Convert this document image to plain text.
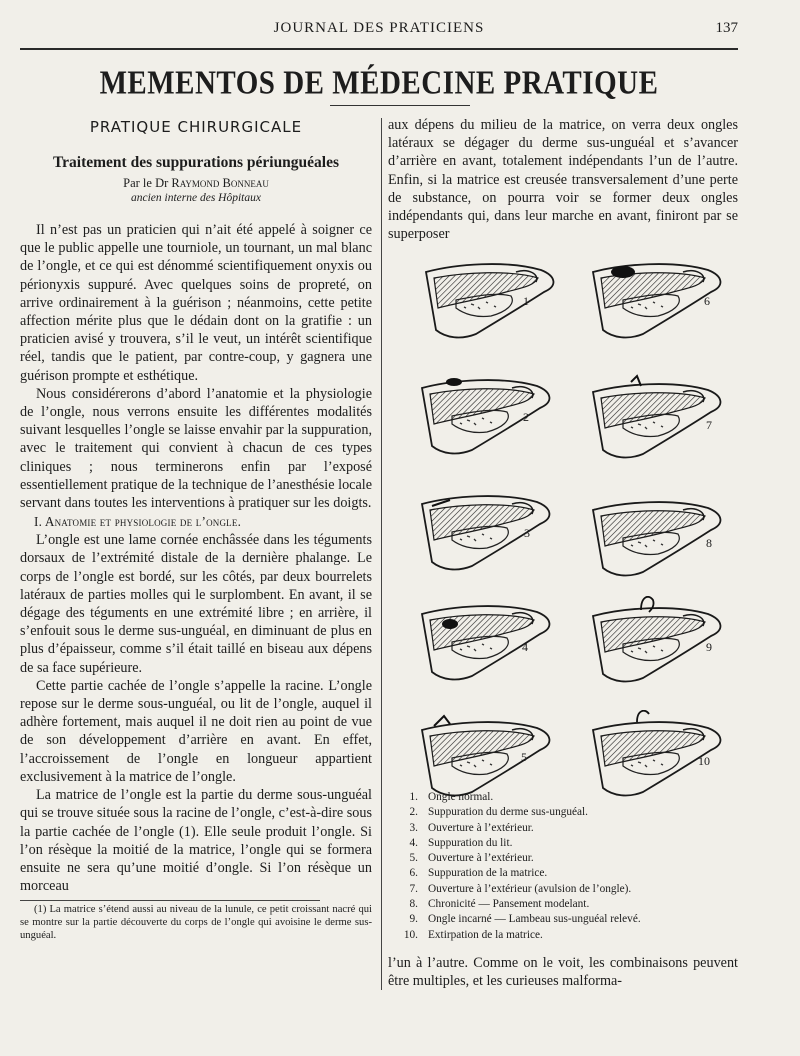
JOURNAL DES PRATICIENS	137
MEMENTOS DE MÉDECINE PRATIQUE
PRATIQUE CHIRURGICALE
Traitement des suppurations périunguéales
Par le Dr Raymond Bonneau
ancien interne des Hôpitaux

Il n’est pas un praticien qui n’ait été appelé à soigner ce que le public appelle une tourniole, un tournant, un mal blanc de l’ongle, et ce qui est dénommé scientifiquement onyxis ou périonyxis suppuré. Avec quelques soins de propreté, on arrive ordinairement à la guérison ; néanmoins, cette petite affection mérite plus que le dédain dont on la gratifie : un praticien avisé y trouvera, s’il le veut, un intérêt scientifique réel, tandis que le patient, par contre-coup, y gagnera une guérison prompte et esthétique.

Nous considérerons d’abord l’anatomie et la physiologie de l’ongle, nous verrons ensuite les différentes modalités suivant lesquelles l’ongle se laisse envahir par la suppuration, avec le traitement qui convient à chacun de ces types cliniques ; nous terminerons enfin par l’exposé essentiellement pratique de la technique de l’anesthésie locale servant dans toutes les interventions à pratiquer sur les doigts.

I. Anatomie et physiologie de l’ongle.

L’ongle est une lame cornée enchâssée dans les téguments dorsaux de l’extrémité distale de la dernière phalange. Le corps de l’ongle est bordé, sur les côtés, par deux bourrelets latéraux de parties molles qui le surplombent. En avant, il se dégage des téguments en une extrémité libre ; en arrière, il s’enfouit sous le derme sus-unguéal, en diminuant de plus en plus d’épaisseur, comme s’il était taillé en biseau aux dépens de sa face supérieure.

Cette partie cachée de l’ongle s’appelle la racine. L’ongle repose sur le derme sous-unguéal, ou lit de l’ongle, auquel il adhère fortement, mais auquel il ne doit rien au point de vue de son développement d’arrière en avant. En effet, l’accroissement de l’ongle en longueur appartient exclusivement à la matrice de l’ongle.

La matrice de l’ongle est la partie du derme sous-unguéal qui se trouve située sous la racine de l’ongle, c’est-à-dire sous la partie cachée de l’ongle (1). Elle seule produit l’ongle. Si l’on résèque la moitié de la matrice, l’ongle qui se formera ensuite ne sera qu’une moitié d’ongle. Si l’on résèque un morceau

(1) La matrice s’étend aussi au niveau de la lunule, ce petit croissant nacré qui se montre sur la partie découverte du corps de l’ongle qui avoisine le derme sus-unguéal.

aux dépens du milieu de la matrice, on verra deux ongles latéraux se dégager du derme sus-unguéal et s’avancer d’arrière en avant, totalement indépendants l’un de l’autre. Enfin, si la matrice est creusée transversalement d’une perte de substance, on pourra voir se former deux ongles indépendants qui, dans leur marche en avant, finiront par se superposer

1
2
3
4
5
6
7
8
9
10
1. Ongle normal.
2. Suppuration du derme sus-unguéal.
3. Ouverture à l’extérieur.
4. Suppuration du lit.
5. Ouverture à l’extérieur.
6. Suppuration de la matrice.
7. Ouverture à l’extérieur (avulsion de l’ongle).
8. Chronicité — Pansement modelant.
9. Ongle incarné — Lambeau sus-unguéal relevé.
10. Extirpation de la matrice.

l’un à l’autre. Comme on le voit, les combinaisons peuvent être multiples, et les curieuses malforma-
